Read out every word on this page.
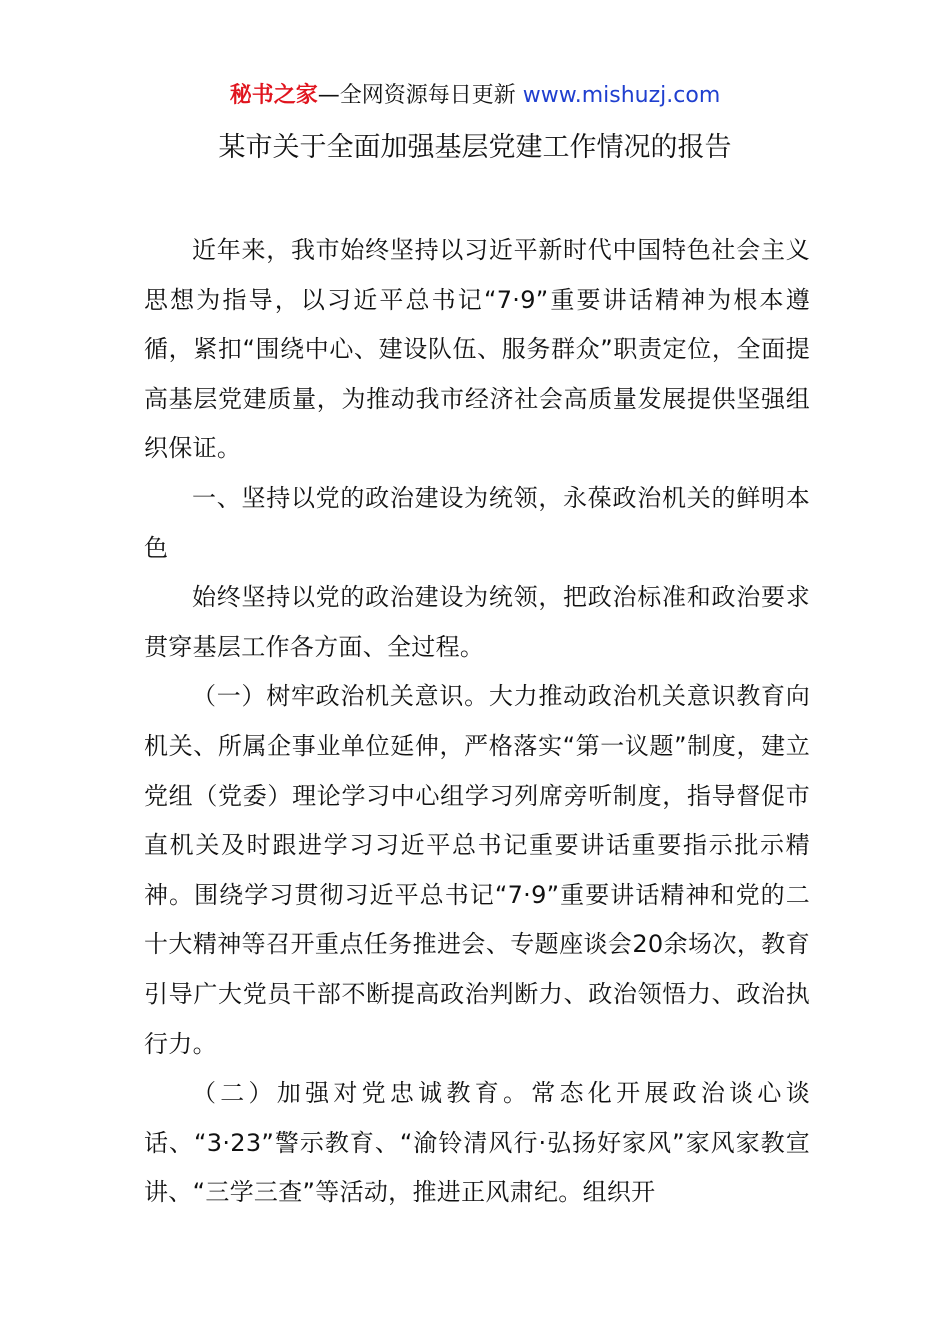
秘书之家—全网资源每日更新 www.mishuzj.com
某市关于全面加强基层党建工作情况的报告

近年来，我市始终坚持以习近平新时代中国特色社会主义思想为指导，以习近平总书记“7·9”重要讲话精神为根本遵循，紧扣“围绕中心、建设队伍、服务群众”职责定位，全面提高基层党建质量，为推动我市经济社会高质量发展提供坚强组织保证。

一、坚持以党的政治建设为统领，永葆政治机关的鲜明本色

始终坚持以党的政治建设为统领，把政治标准和政治要求贯穿基层工作各方面、全过程。

（一）树牢政治机关意识。大力推动政治机关意识教育向机关、所属企事业单位延伸，严格落实“第一议题”制度，建立党组（党委）理论学习中心组学习列席旁听制度，指导督促市直机关及时跟进学习习近平总书记重要讲话重要指示批示精神。围绕学习贯彻习近平总书记“7·9”重要讲话精神和党的二十大精神等召开重点任务推进会、专题座谈会20余场次，教育引导广大党员干部不断提高政治判断力、政治领悟力、政治执行力。

（二）加强对党忠诚教育。常态化开展政治谈心谈话、“3·23”警示教育、“渝铃清风行·弘扬好家风”家风家教宣讲、“三学三查”等活动，推进正风肃纪。组织开
